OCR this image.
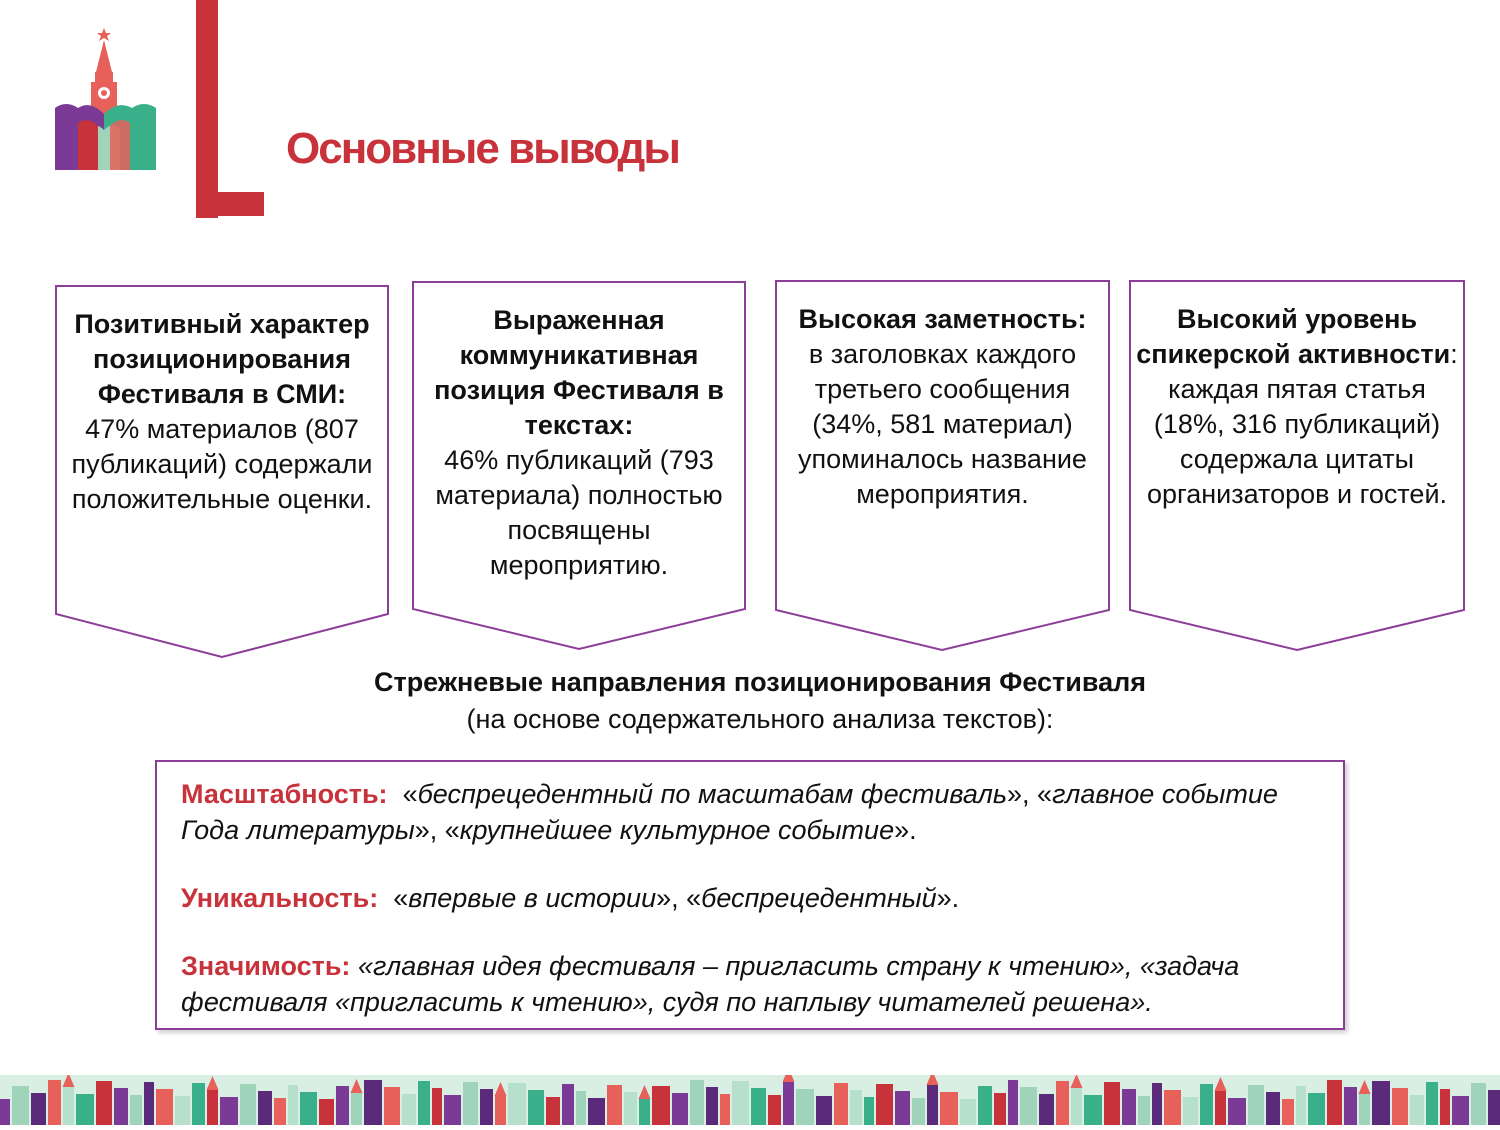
Основные выводы
Позитивный характер позиционирования Фестиваля в СМИ:
47% материалов (807 публикаций) содержали положительные оценки.
Выраженная коммуникативная позиция Фестиваля в текстах:
46% публикаций (793 материала) полностью посвящены мероприятию.
Высокая заметность:
в заголовках каждого третьего сообщения (34%, 581 материал) упоминалось название мероприятия.
Высокий уровень спикерской активности: каждая пятая статья (18%, 316 публикаций) содержала цитаты организаторов и гостей.
Стрежневые направления позиционирования Фестиваля
(на основе содержательного анализа текстов):

Масштабность:  «беспрецедентный по масштабам фестиваль», «главное событие Года литературы», «крупнейшее культурное событие».

Уникальность:  «впервые в истории», «беспрецедентный».

Значимость: «главная идея фестиваля – пригласить страну к чтению», «задача фестиваля «пригласить к чтению», судя по наплыву читателей решена».
